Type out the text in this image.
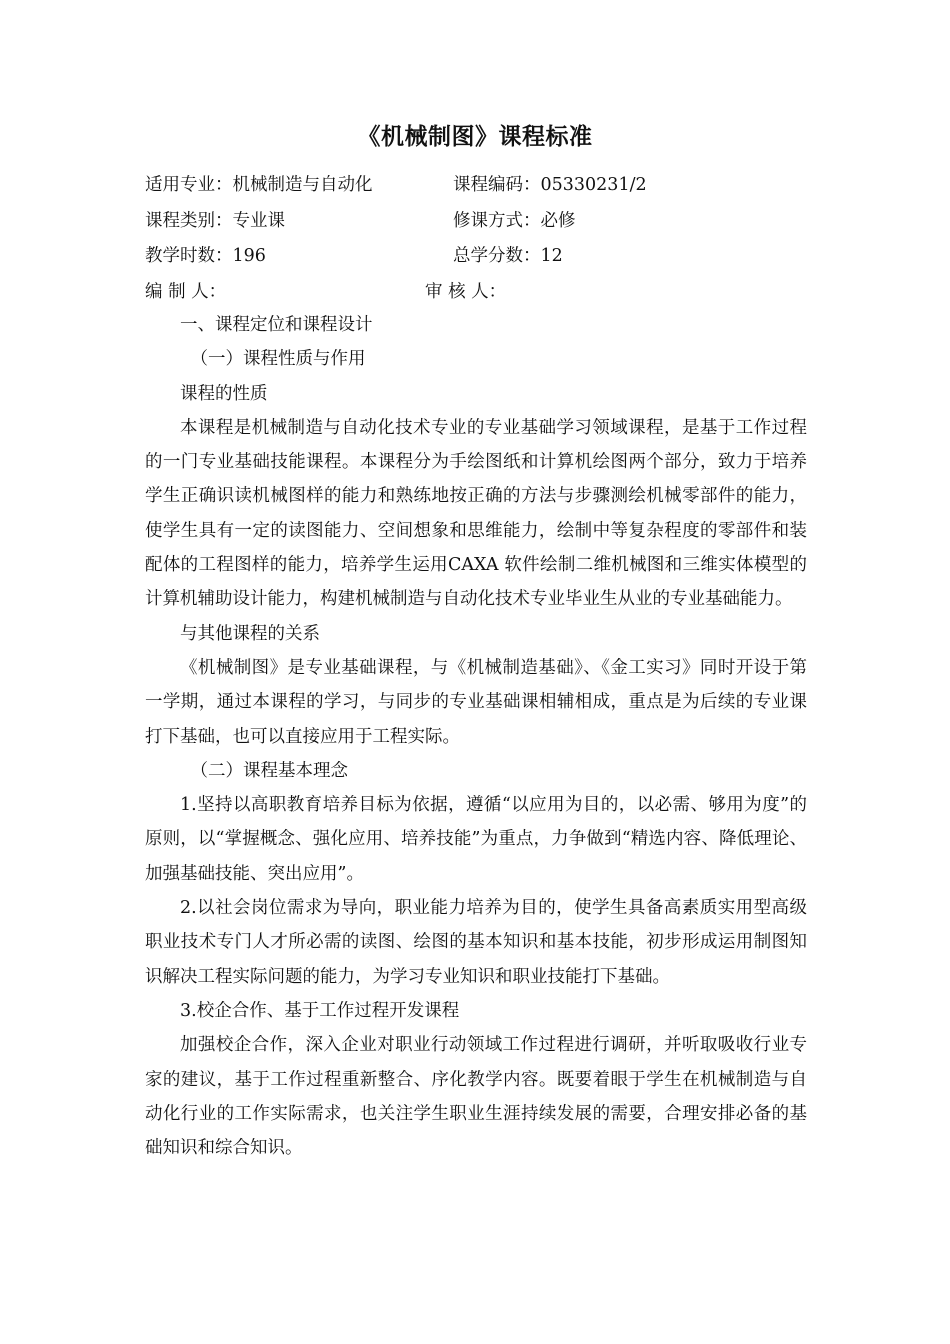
《机械制图》课程标准
适用专业：机械制造与自动化	课程编码：05330231/2
课程类别：专业课	修课方式：必修
教学时数：196	总学分数：12
编 制 人：	审 核 人：

一、课程定位和课程设计

（一）课程性质与作用

课程的性质

本课程是机械制造与自动化技术专业的专业基础学习领域课程，是基于工作过程的一门专业基础技能课程。本课程分为手绘图纸和计算机绘图两个部分，致力于培养学生正确识读机械图样的能力和熟练地按正确的方法与步骤测绘机械零部件的能力，使学生具有一定的读图能力、空间想象和思维能力，绘制中等复杂程度的零部件和装配体的工程图样的能力，培养学生运用CAXA 软件绘制二维机械图和三维实体模型的计算机辅助设计能力，构建机械制造与自动化技术专业毕业生从业的专业基础能力。

与其他课程的关系

《机械制图》是专业基础课程，与《机械制造基础》、《金工实习》同时开设于第一学期，通过本课程的学习，与同步的专业基础课相辅相成，重点是为后续的专业课打下基础，也可以直接应用于工程实际。

（二）课程基本理念

1.坚持以高职教育培养目标为依据，遵循“以应用为目的，以必需、够用为度”的原则，以“掌握概念、强化应用、培养技能”为重点，力争做到“精选内容、降低理论、加强基础技能、突出应用”。

2.以社会岗位需求为导向，职业能力培养为目的，使学生具备高素质实用型高级职业技术专门人才所必需的读图、绘图的基本知识和基本技能，初步形成运用制图知识解决工程实际问题的能力，为学习专业知识和职业技能打下基础。

3.校企合作、基于工作过程开发课程

加强校企合作，深入企业对职业行动领域工作过程进行调研，并听取吸收行业专家的建议，基于工作过程重新整合、序化教学内容。既要着眼于学生在机械制造与自动化行业的工作实际需求，也关注学生职业生涯持续发展的需要，合理安排必备的基础知识和综合知识。
